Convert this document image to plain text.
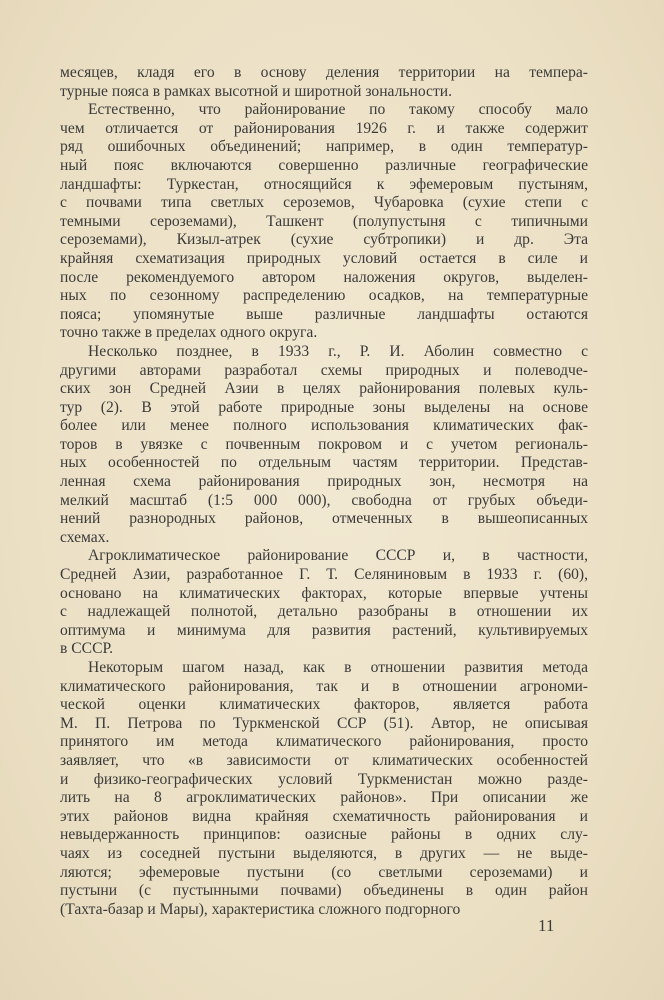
месяцев, кладя его в основу деления территории на темпера-
турные пояса в рамках высотной и широтной зональности.
Естественно, что районирование по такому способу мало
чем отличается от районирования 1926 г. и также содержит
ряд ошибочных объединений; например, в один температур-
ный пояс включаются совершенно различные географические
ландшафты: Туркестан, относящийся к эфемеровым пустыням,
с почвами типа светлых сероземов, Чубаровка (сухие степи с
темными сероземами), Ташкент (полупустыня с типичными
сероземами), Кизыл-атрек (сухие субтропики) и др. Эта
крайняя схематизация природных условий остается в силе и
после рекомендуемого автором наложения округов, выделен-
ных по сезонному распределению осадков, на температурные
пояса; упомянутые выше различные ландшафты остаются
точно также в пределах одного округа.
Несколько позднее, в 1933 г., Р. И. Аболин совместно с
другими авторами разработал схемы природных и полеводче-
ских зон Средней Азии в целях районирования полевых куль-
тур (2). В этой работе природные зоны выделены на основе
более или менее полного использования климатических фак-
торов в увязке с почвенным покровом и с учетом региональ-
ных особенностей по отдельным частям территории. Представ-
ленная схема районирования природных зон, несмотря на
мелкий масштаб (1:5 000 000), свободна от грубых объеди-
нений разнородных районов, отмеченных в вышеописанных
схемах.
Агроклиматическое районирование СССР и, в частности,
Средней Азии, разработанное Г. Т. Селяниновым в 1933 г. (60),
основано на климатических факторах, которые впервые учтены
с надлежащей полнотой, детально разобраны в отношении их
оптимума и минимума для развития растений, культивируемых
в СССР.
Некоторым шагом назад, как в отношении развития метода
климатического районирования, так и в отношении агрономи-
ческой оценки климатических факторов, является работа
М. П. Петрова по Туркменской ССР (51). Автор, не описывая
принятого им метода климатического районирования, просто
заявляет, что «в зависимости от климатических особенностей
и физико-географических условий Туркменистан можно разде-
лить на 8 агроклиматических районов». При описании же
этих районов видна крайняя схематичность районирования и
невыдержанность принципов: оазисные районы в одних слу-
чаях из соседней пустыни выделяются, в других — не выде-
ляются; эфемеровые пустыни (со светлыми сероземами) и
пустыни (с пустынными почвами) объединены в один район
(Тахта-базар и Мары), характеристика сложного подгорного
11
